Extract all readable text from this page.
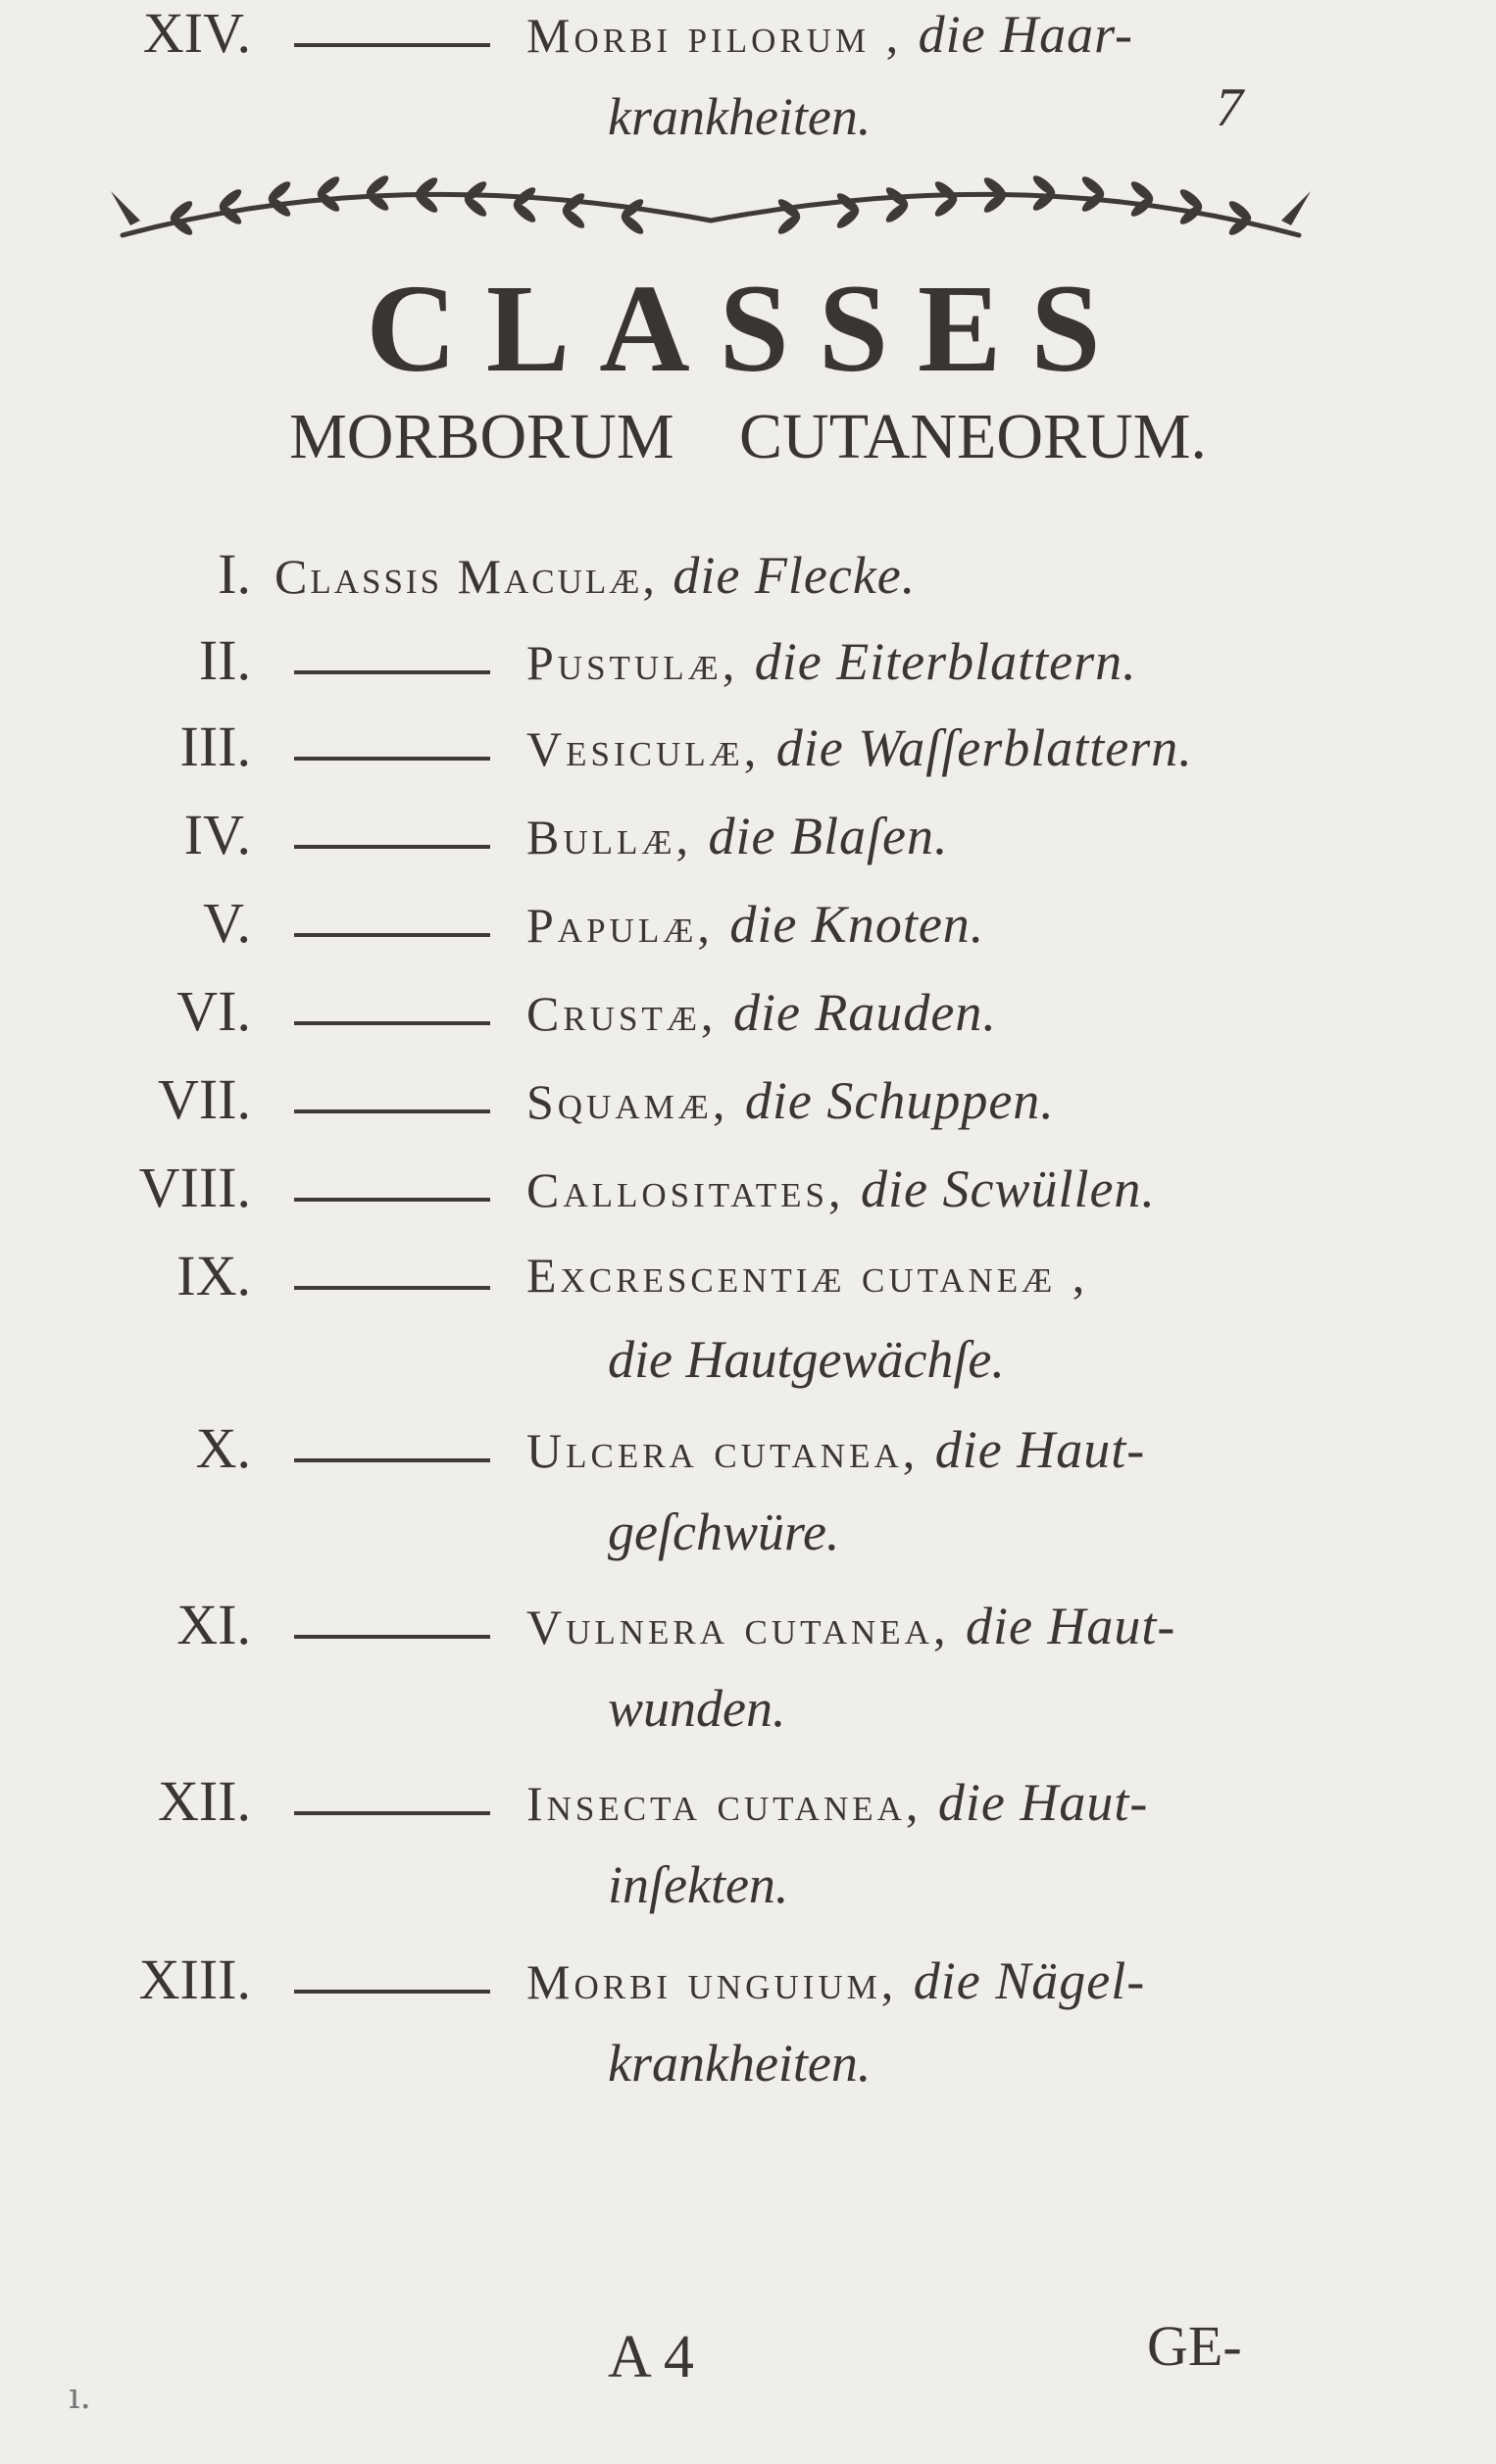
7
CLASSES
MORBORUM CUTANEORUM.
I. Classis Maculæ, die Flecke.
II.	Pustulæ, die Eiterblattern.
III.	Vesiculæ, die Waſſerblattern.
IV.	Bullæ, die Blaſen.
V.	Papulæ, die Knoten.
VI.	Crustæ, die Rauden.
VII.	Squamæ, die Schuppen.
VIII.	Callositates, die Scwüllen.
IX.	Excrescentiæ cutaneæ ,
die Hautgewächſe.
X.	Ulcera cutanea, die Haut-
geſchwüre.
XI.	Vulnera cutanea, die Haut-
wunden.
XII.	Insecta cutanea, die Haut-
inſekten.
XIII.	Morbi unguium, die Nägel-
krankheiten.
XIV.	Morbi pilorum , die Haar-
krankheiten.
A 4	GE-
ı.
